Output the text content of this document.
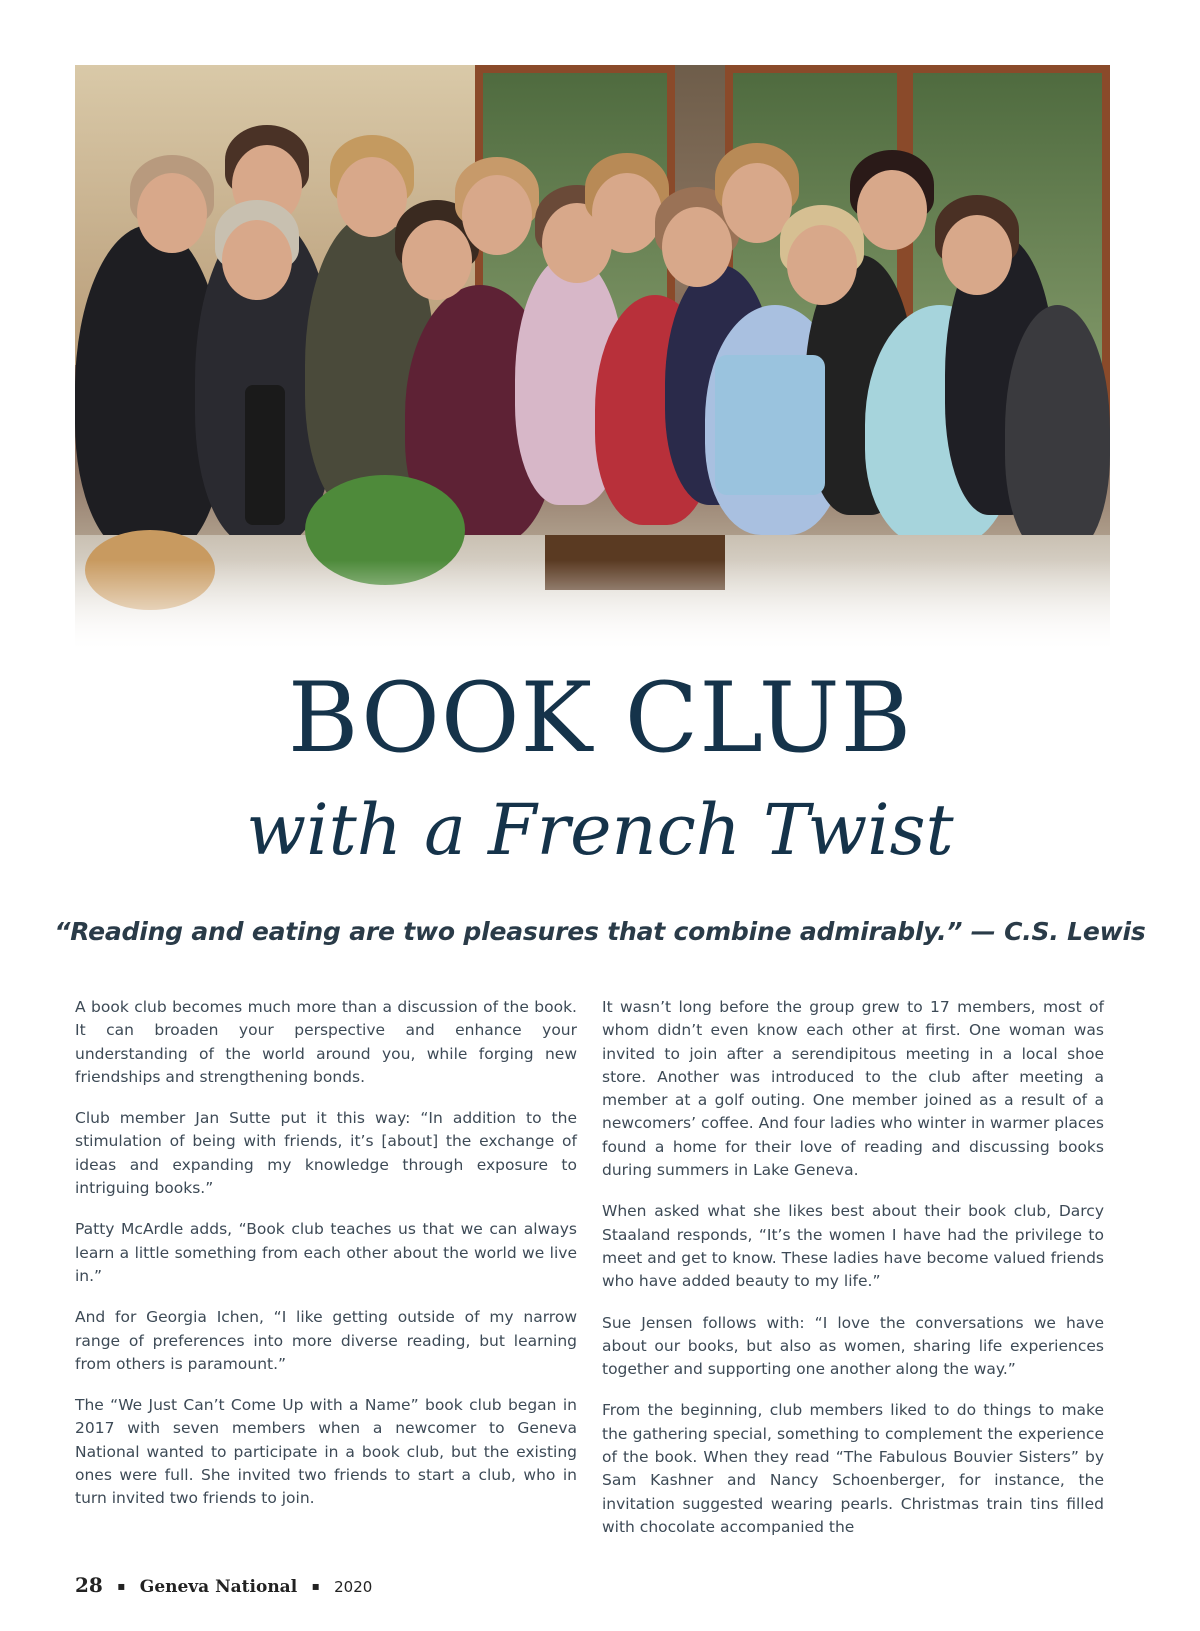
BOOK CLUB
with a French Twist
“Reading and eating are two pleasures that combine admirably.” — C.S. Lewis

A book club becomes much more than a discussion of the book. It can broaden your perspective and enhance your understanding of the world around you, while forging new friendships and strengthening bonds.

Club member Jan Sutte put it this way: “In addition to the stimulation of being with friends, it’s [about] the exchange of ideas and expanding my knowledge through exposure to intriguing books.”

Patty McArdle adds, “Book club teaches us that we can always learn a little something from each other about the world we live in.”

And for Georgia Ichen, “I like getting outside of my narrow range of preferences into more diverse reading, but learning from others is paramount.”

The “We Just Can’t Come Up with a Name” book club began in 2017 with seven members when a newcomer to Geneva National wanted to participate in a book club, but the existing ones were full. She invited two friends to start a club, who in turn invited two friends to join.

It wasn’t long before the group grew to 17 members, most of whom didn’t even know each other at first. One woman was invited to join after a serendipitous meeting in a local shoe store. Another was introduced to the club after meeting a member at a golf outing. One member joined as a result of a newcomers’ coffee. And four ladies who winter in warmer places found a home for their love of reading and discussing books during summers in Lake Geneva.

When asked what she likes best about their book club, Darcy Staaland responds, “It’s the women I have had the privilege to meet and get to know. These ladies have become valued friends who have added beauty to my life.”

Sue Jensen follows with: “I love the conversations we have about our books, but also as women, sharing life experiences together and supporting one another along the way.”

From the beginning, club members liked to do things to make the gathering special, something to complement the experience of the book. When they read “The Fabulous Bouvier Sisters” by Sam Kashner and Nancy Schoenberger, for instance, the invitation suggested wearing pearls. Christmas train tins filled with chocolate accompanied the

28 ▪ Geneva National ▪ 2020
